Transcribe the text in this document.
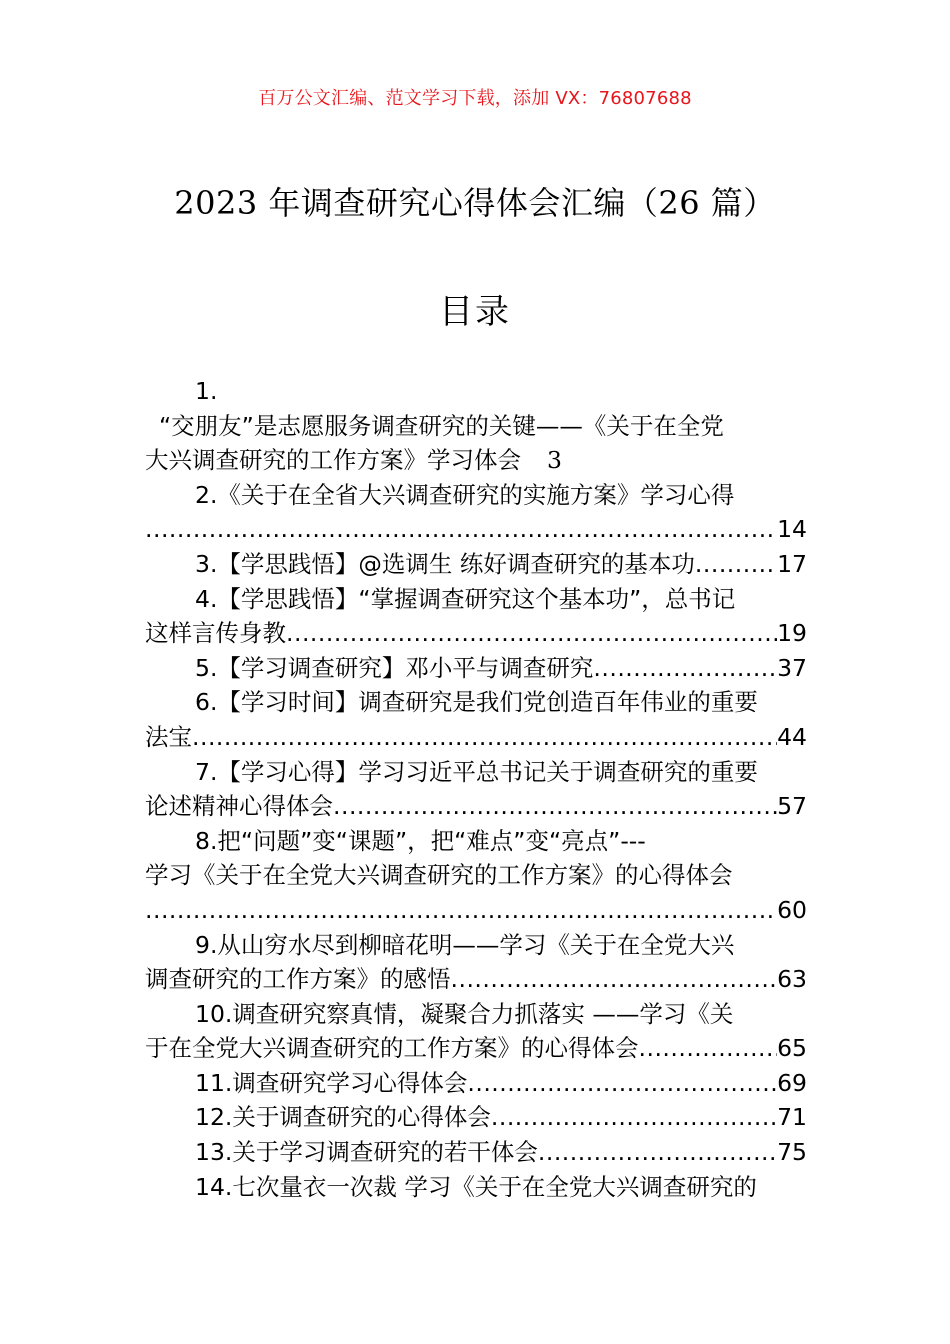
百万公文汇编、范文学习下载，添加 VX：76807688
2023 年调查研究心得体会汇编（26 篇）
目录
1.
“交朋友”是志愿服务调查研究的关键——《关于在全党
大兴调查研究的工作方案》学习体会 3
2.《关于在全省大兴调查研究的实施方案》学习心得
.....
14
3.【学思践悟】@选调生 练好调查研究的基本功 .....	17
4.【学思践悟】“掌握调查研究这个基本功”，总书记
这样言传身教 .....	19
5.【学习调查研究】邓小平与调查研究 .....	37
6.【学习时间】调查研究是我们党创造百年伟业的重要
法宝 .....	44
7.【学习心得】学习习近平总书记关于调查研究的重要
论述精神心得体会 .....	57
8.把“问题”变“课题”，把“难点”变“亮点”---
学习《关于在全党大兴调查研究的工作方案》的心得体会
.....
60
9.从山穷水尽到柳暗花明——学习《关于在全党大兴
调查研究的工作方案》的感悟 .....	63
10.调查研究察真情，凝聚合力抓落实 ——学习《关
于在全党大兴调查研究的工作方案》的心得体会 .....	65
11.调查研究学习心得体会 .....	69
12.关于调查研究的心得体会 .....	71
13.关于学习调查研究的若干体会 .....	75
14.七次量衣一次裁 学习《关于在全党大兴调查研究的
